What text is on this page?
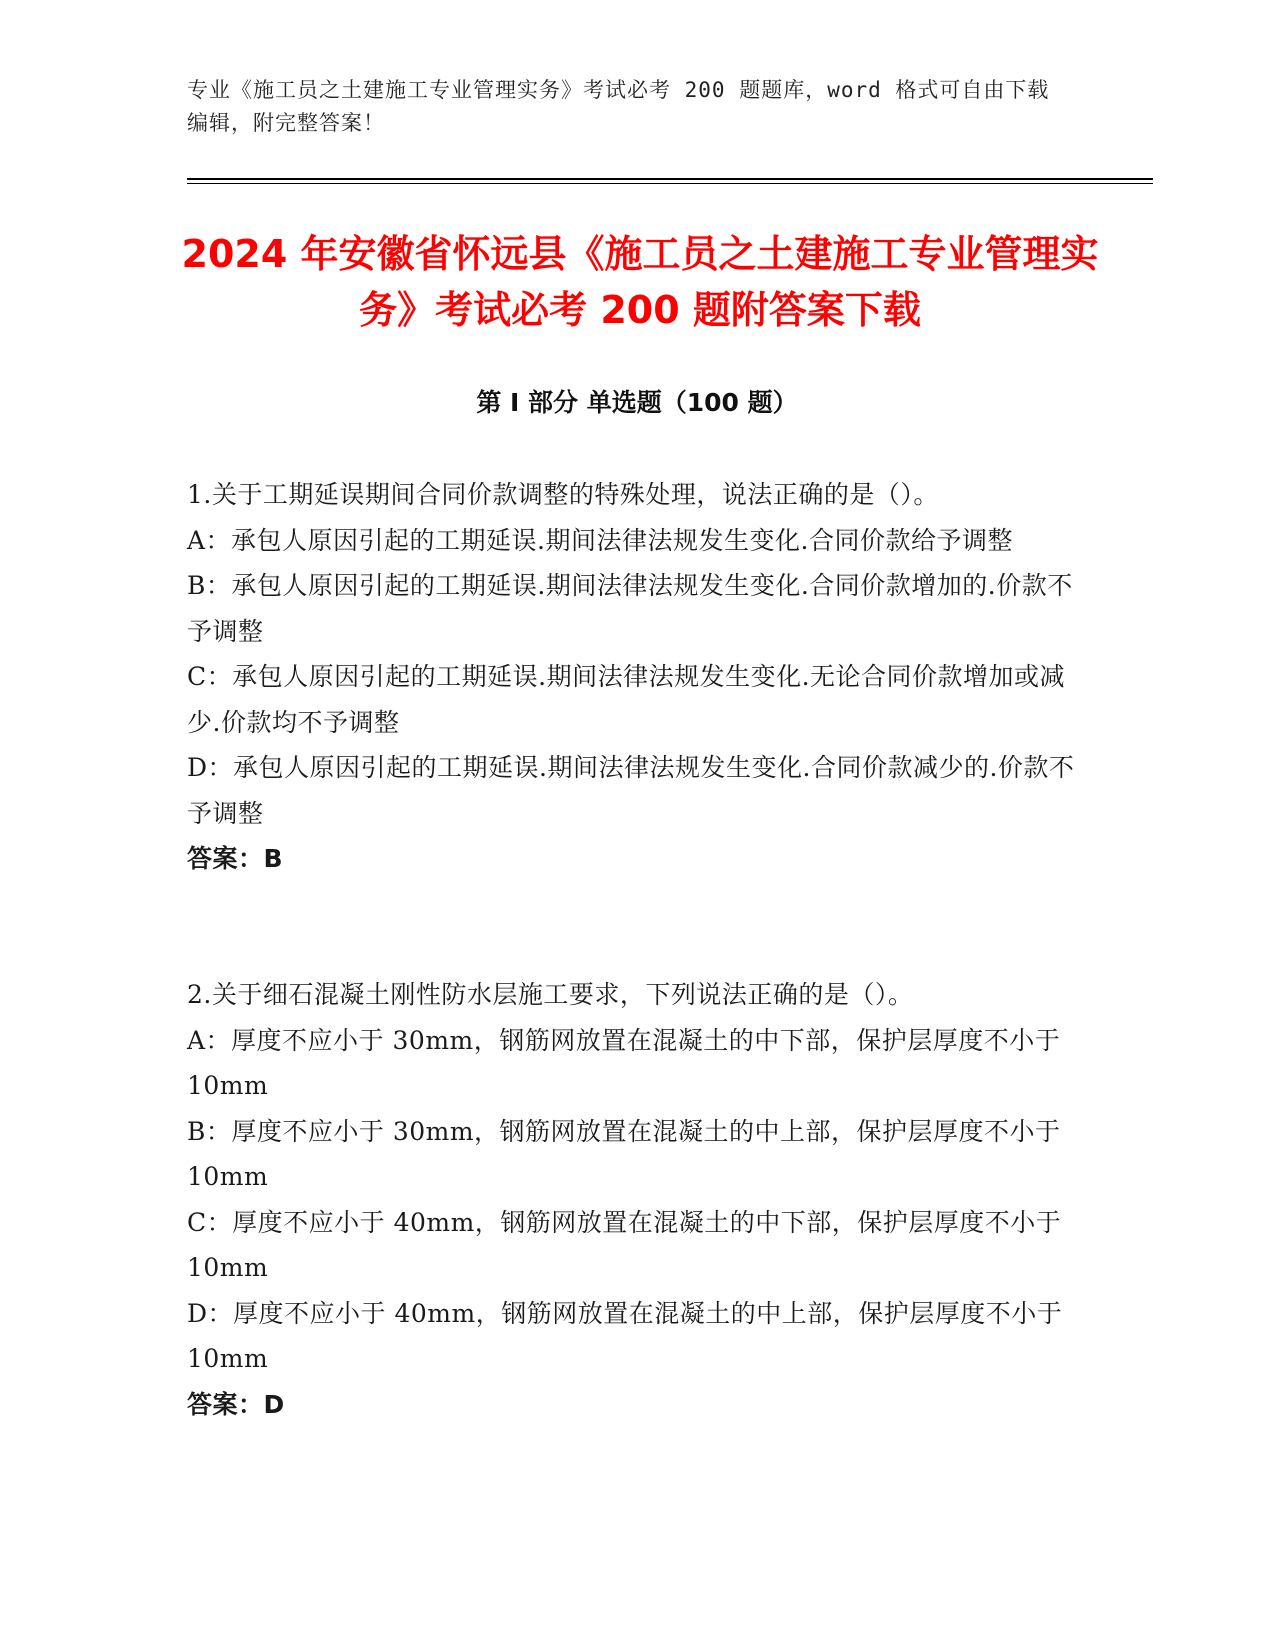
专业《施工员之土建施工专业管理实务》考试必考 200 题题库，word 格式可自由下载编辑，附完整答案！

2024 年安徽省怀远县《施工员之土建施工专业管理实务》考试必考 200 题附答案下载
第 I 部分 单选题（100 题）

1.关于工期延误期间合同价款调整的特殊处理，说法正确的是（）。

A：承包人原因引起的工期延误.期间法律法规发生变化.合同价款给予调整

B：承包人原因引起的工期延误.期间法律法规发生变化.合同价款增加的.价款不予调整

C：承包人原因引起的工期延误.期间法律法规发生变化.无论合同价款增加或减少.价款均不予调整

D：承包人原因引起的工期延误.期间法律法规发生变化.合同价款减少的.价款不予调整

答案：B

2.关于细石混凝土刚性防水层施工要求，下列说法正确的是（）。

A：厚度不应小于 30mm，钢筋网放置在混凝土的中下部，保护层厚度不小于 10mm

B：厚度不应小于 30mm，钢筋网放置在混凝土的中上部，保护层厚度不小于 10mm

C：厚度不应小于 40mm，钢筋网放置在混凝土的中下部，保护层厚度不小于 10mm

D：厚度不应小于 40mm，钢筋网放置在混凝土的中上部，保护层厚度不小于 10mm

答案：D
